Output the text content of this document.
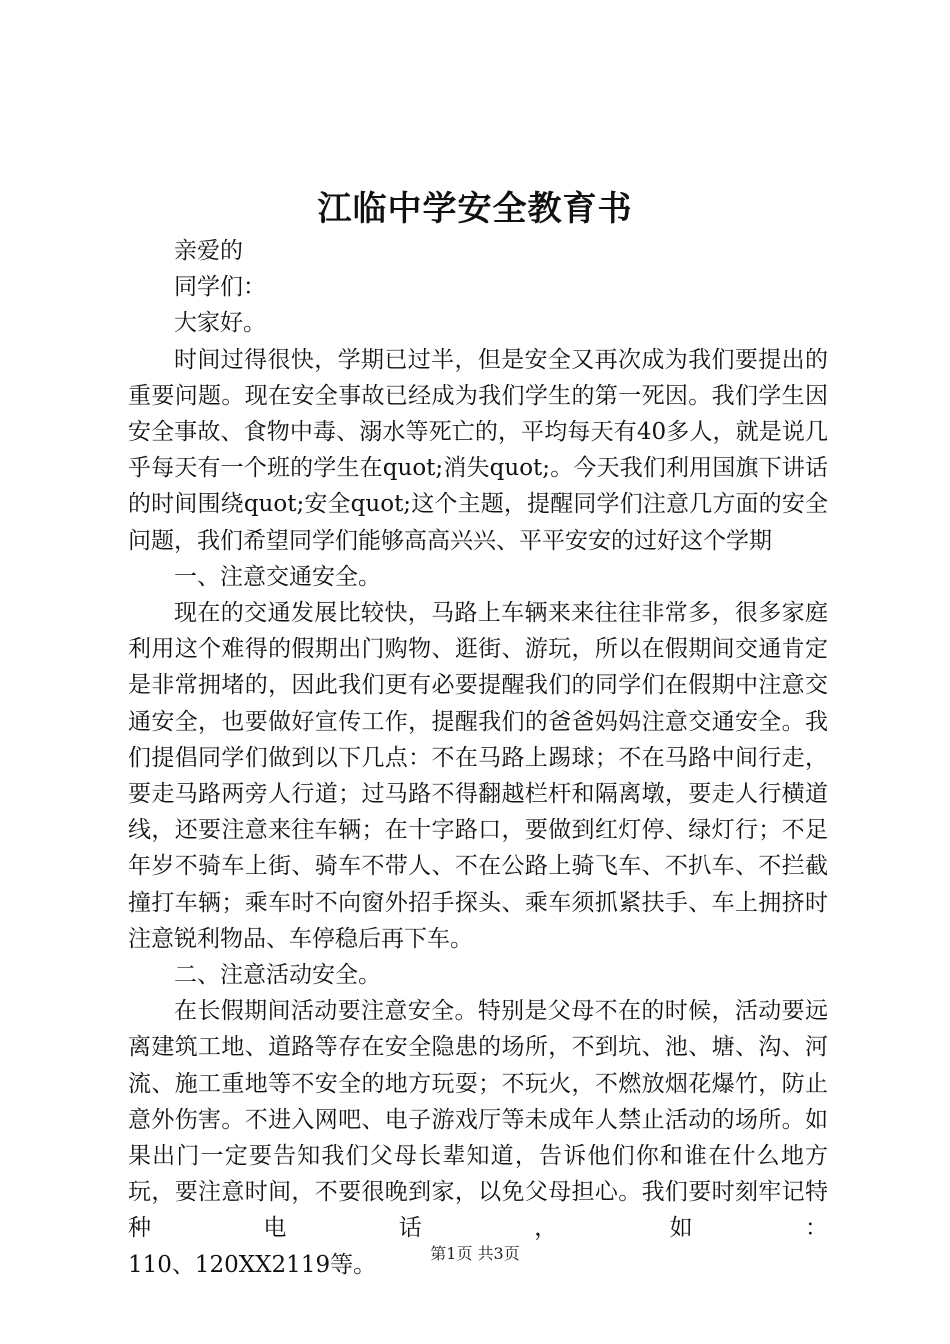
江临中学安全教育书

亲爱的

同学们：

大家好。

时间过得很快，学期已过半，但是安全又再次成为我们要提出的重要问题。现在安全事故已经成为我们学生的第一死因。我们学生因安全事故、食物中毒、溺水等死亡的，平均每天有40多人，就是说几乎每天有一个班的学生在quot;消失quot;。今天我们利用国旗下讲话的时间围绕quot;安全quot;这个主题，提醒同学们注意几方面的安全问题，我们希望同学们能够高高兴兴、平平安安的过好这个学期

一、注意交通安全。

现在的交通发展比较快，马路上车辆来来往往非常多，很多家庭利用这个难得的假期出门购物、逛街、游玩，所以在假期间交通肯定是非常拥堵的，因此我们更有必要提醒我们的同学们在假期中注意交通安全，也要做好宣传工作，提醒我们的爸爸妈妈注意交通安全。我们提倡同学们做到以下几点：不在马路上踢球；不在马路中间行走，要走马路两旁人行道；过马路不得翻越栏杆和隔离墩，要走人行横道线，还要注意来往车辆；在十字路口，要做到红灯停、绿灯行；不足年岁不骑车上街、骑车不带人、不在公路上骑飞车、不扒车、不拦截撞打车辆；乘车时不向窗外招手探头、乘车须抓紧扶手、车上拥挤时注意锐利物品、车停稳后再下车。

二、注意活动安全。

在长假期间活动要注意安全。特别是父母不在的时候，活动要远离建筑工地、道路等存在安全隐患的场所，不到坑、池、塘、沟、河流、施工重地等不安全的地方玩耍；不玩火，不燃放烟花爆竹，防止意外伤害。不进入网吧、电子游戏厅等未成年人禁止活动的场所。如果出门一定要告知我们父母长辈知道，告诉他们你和谁在什么地方玩，要注意时间，不要很晚到家，以免父母担心。我们要时刻牢记特种电话，如：

110、120XX2119等。	第1页 共3页
